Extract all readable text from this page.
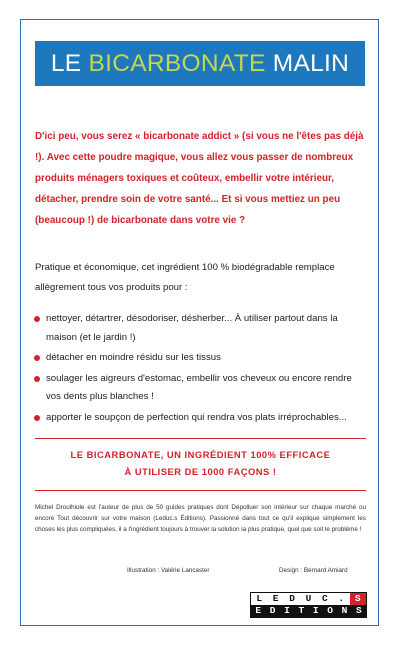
LE
BICARBONATE
MALIN
D'ici peu, vous serez « bicarbonate addict » (si vous ne l'êtes pas déjà !). Avec cette poudre magique, vous allez vous passer de nombreux produits ménagers toxiques et coûteux, embellir votre intérieur, détacher, prendre soin de votre santé... Et si vous mettiez un peu (beaucoup !) de bicarbonate dans votre vie ?
Pratique et économique, cet ingrédient 100 % biodégradable remplace allègrement tous vos produits pour :
nettoyer, détartrer, désodoriser, désherber... À utiliser partout dans la maison (et le jardin !)
détacher en moindre résidu sur les tissus
soulager les aigreurs d'estomac, embellir vos cheveux ou encore rendre vos dents plus blanches !
apporter le soupçon de perfection qui rendra vos plats irréprochables...
LE BICARBONATE, UN INGRÉDIENT 100% EFFICACE
À UTILISER DE 1000 FAÇONS !
Michel Droulhiole est l'auteur de plus de 50 guides pratiques dont Dépolluer son intérieur sur chaque marché ou encore Tout découvrir sur votre maison (Leduc.s Éditions). Passionné dans tout ce qu'il explique simplement les choses les plus compliquées, il a l'ingrédient toujours à trouver la solution la plus pratique, quel que soit le problème !
Illustration : Valérie Lancaster	Design : Bernard Amiard
L	E	D	U	C	.	S
E D I T I O N S
